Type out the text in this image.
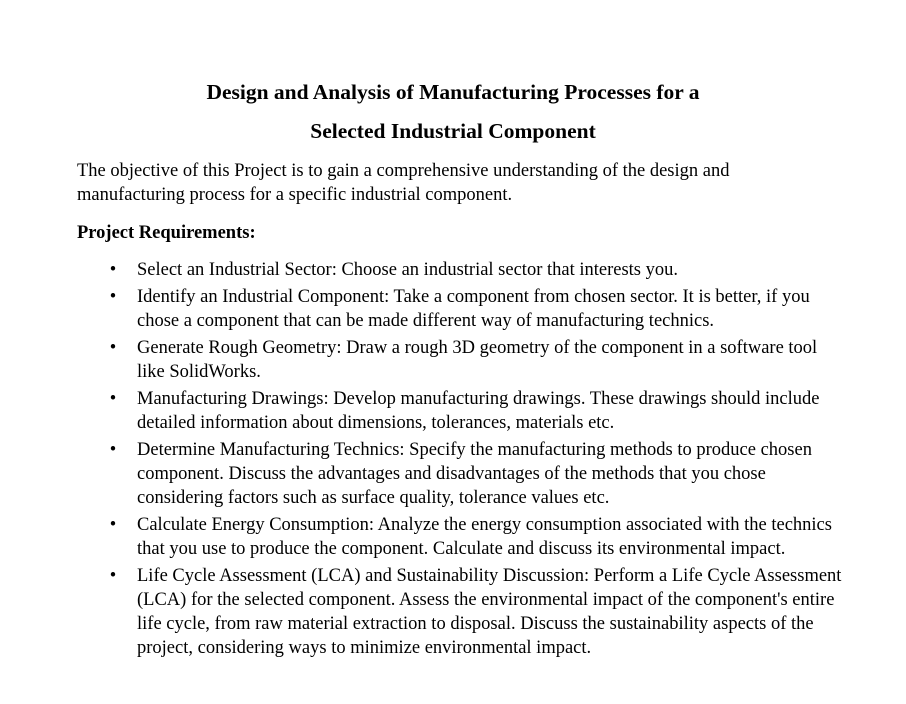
Design and Analysis of Manufacturing Processes for a
Selected Industrial Component

The objective of this Project is to gain a comprehensive understanding of the design and manufacturing process for a specific industrial component.

Project Requirements:

• Select an Industrial Sector: Choose an industrial sector that interests you.
• Identify an Industrial Component: Take a component from chosen sector. It is better, if you chose a component that can be made different way of manufacturing technics.
• Generate Rough Geometry: Draw a rough 3D geometry of the component in a software tool like SolidWorks.
• Manufacturing Drawings: Develop manufacturing drawings. These drawings should include detailed information about dimensions, tolerances, materials etc.
• Determine Manufacturing Technics: Specify the manufacturing methods to produce chosen component. Discuss the advantages and disadvantages of the methods that you chose considering factors such as surface quality, tolerance values etc.
• Calculate Energy Consumption: Analyze the energy consumption associated with the technics that you use to produce the component. Calculate and discuss its environmental impact.
• Life Cycle Assessment (LCA) and Sustainability Discussion: Perform a Life Cycle Assessment (LCA) for the selected component. Assess the environmental impact of the component's entire life cycle, from raw material extraction to disposal. Discuss the sustainability aspects of the project, considering ways to minimize environmental impact.
